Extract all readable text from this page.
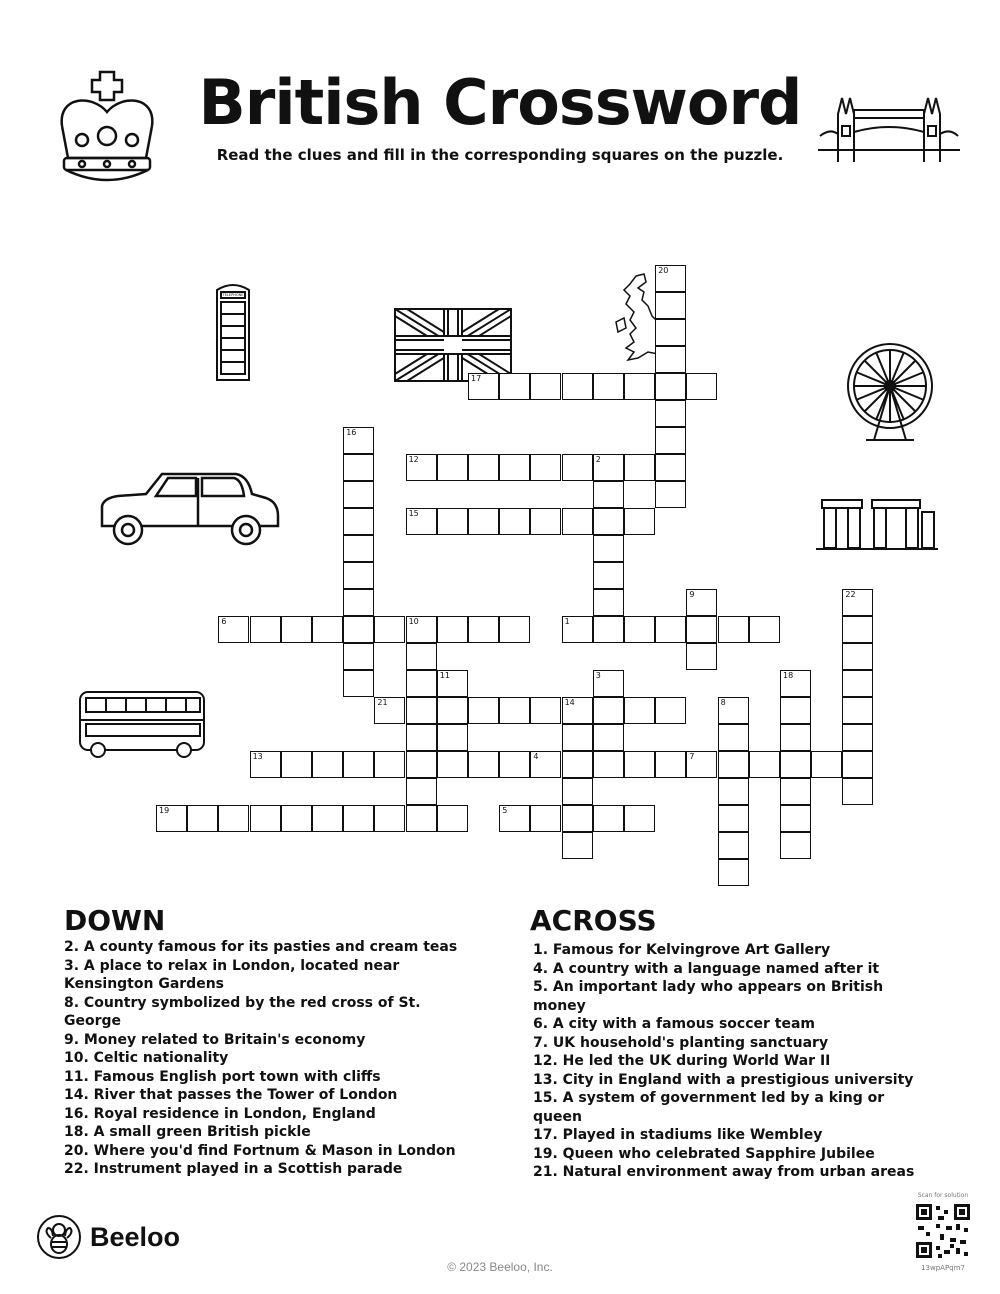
British Crossword
Read the clues and fill in the corresponding squares on the puzzle.
TELEPHONE
17
12	2
15
6	10	1
21	14
13	4	7
19	5
20
16
9	22
11	3	18
8
DOWN
2. A county famous for its pasties and cream teas
3. A place to relax in London, located near Kensington Gardens
8. Country symbolized by the red cross of St. George
9. Money related to Britain's economy
10. Celtic nationality
11. Famous English port town with cliffs
14. River that passes the Tower of London
16. Royal residence in London, England
18. A small green British pickle
20. Where you'd find Fortnum & Mason in London
22. Instrument played in a Scottish parade
ACROSS
1. Famous for Kelvingrove Art Gallery
4. A country with a language named after it
5. An important lady who appears on British money
6. A city with a famous soccer team
7. UK household's planting sanctuary
12. He led the UK during World War II
13. City in England with a prestigious university
15. A system of government led by a king or queen
17. Played in stadiums like Wembley
19. Queen who celebrated Sapphire Jubilee
21. Natural environment away from urban areas
Beeloo
© 2023 Beeloo, Inc.
Scan for solution
13wpAPqm7
